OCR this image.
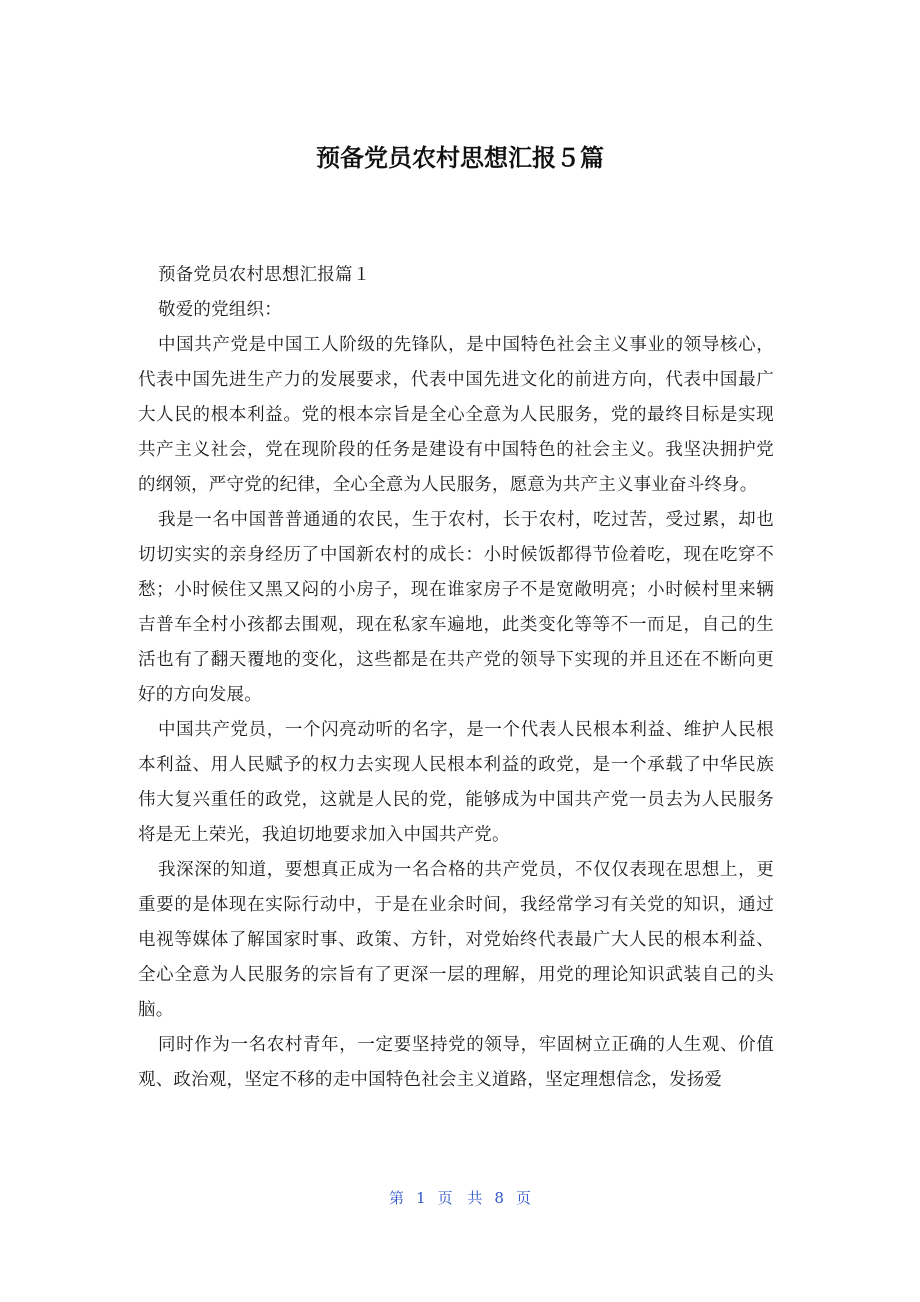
预备党员农村思想汇报５篇

预备党员农村思想汇报篇１

敬爱的党组织：

中国共产党是中国工人阶级的先锋队，是中国特色社会主义事业的领导核心，代表中国先进生产力的发展要求，代表中国先进文化的前进方向，代表中国最广大人民的根本利益。党的根本宗旨是全心全意为人民服务，党的最终目标是实现共产主义社会，党在现阶段的任务是建设有中国特色的社会主义。我坚决拥护党的纲领，严守党的纪律，全心全意为人民服务，愿意为共产主义事业奋斗终身。

我是一名中国普普通通的农民，生于农村，长于农村，吃过苦，受过累，却也切切实实的亲身经历了中国新农村的成长：小时候饭都得节俭着吃，现在吃穿不愁；小时候住又黑又闷的小房子，现在谁家房子不是宽敞明亮；小时候村里来辆吉普车全村小孩都去围观，现在私家车遍地，此类变化等等不一而足，自己的生活也有了翻天覆地的变化，这些都是在共产党的领导下实现的并且还在不断向更好的方向发展。

中国共产党员，一个闪亮动听的名字，是一个代表人民根本利益、维护人民根本利益、用人民赋予的权力去实现人民根本利益的政党，是一个承载了中华民族伟大复兴重任的政党，这就是人民的党，能够成为中国共产党一员去为人民服务将是无上荣光，我迫切地要求加入中国共产党。

我深深的知道，要想真正成为一名合格的共产党员，不仅仅表现在思想上，更重要的是体现在实际行动中，于是在业余时间，我经常学习有关党的知识，通过电视等媒体了解国家时事、政策、方针，对党始终代表最广大人民的根本利益、全心全意为人民服务的宗旨有了更深一层的理解，用党的理论知识武装自己的头脑。

同时作为一名农村青年，一定要坚持党的领导，牢固树立正确的人生观、价值观、政治观，坚定不移的走中国特色社会主义道路，坚定理想信念，发扬爱

第 1 页 共 8 页
